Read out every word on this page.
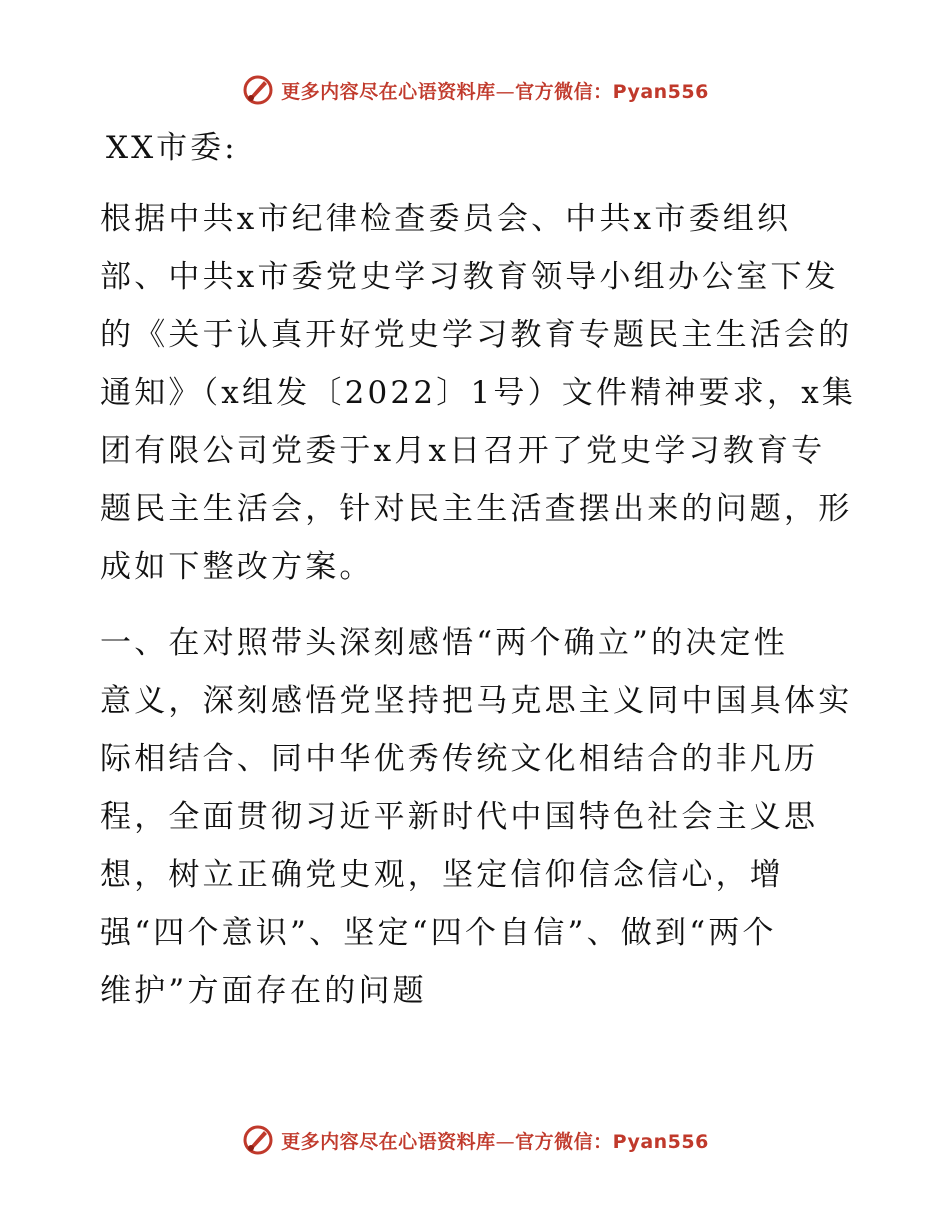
更多内容尽在心语资料库—官方微信：Pyan556
XX市委:
根据中共x市纪律检查委员会、中共x市委组织
部、中共x市委党史学习教育领导小组办公室下发
的《关于认真开好党史学习教育专题民主生活会的
通知》（x组发〔2022〕1号）文件精神要求，x集
团有限公司党委于x月x日召开了党史学习教育专
题民主生活会，针对民主生活查摆出来的问题，形
成如下整改方案。
一、在对照带头深刻感悟“两个确立”的决定性
意义，深刻感悟党坚持把马克思主义同中国具体实
际相结合、同中华优秀传统文化相结合的非凡历
程，全面贯彻习近平新时代中国特色社会主义思
想，树立正确党史观，坚定信仰信念信心，增
强“四个意识”、坚定“四个自信”、做到“两个
维护”方面存在的问题
更多内容尽在心语资料库—官方微信：Pyan556
